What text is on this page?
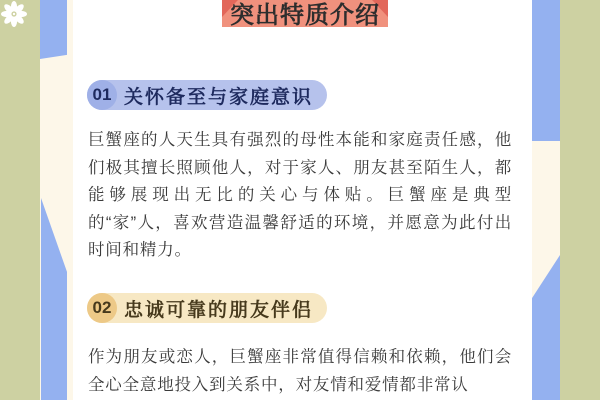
突出特质介绍
01 关怀备至与家庭意识
巨蟹座的人天生具有强烈的母性本能和家庭责任感，他们极其擅长照顾他人，对于家人、朋友甚至陌生人，都能够展现出无比的关心与体贴。巨蟹座是典型的“家”人，喜欢营造温馨舒适的环境，并愿意为此付出时间和精力。
02 忠诚可靠的朋友伴侣
作为朋友或恋人，巨蟹座非常值得信赖和依赖，他们会全心全意地投入到关系中，对友情和爱情都非常认
